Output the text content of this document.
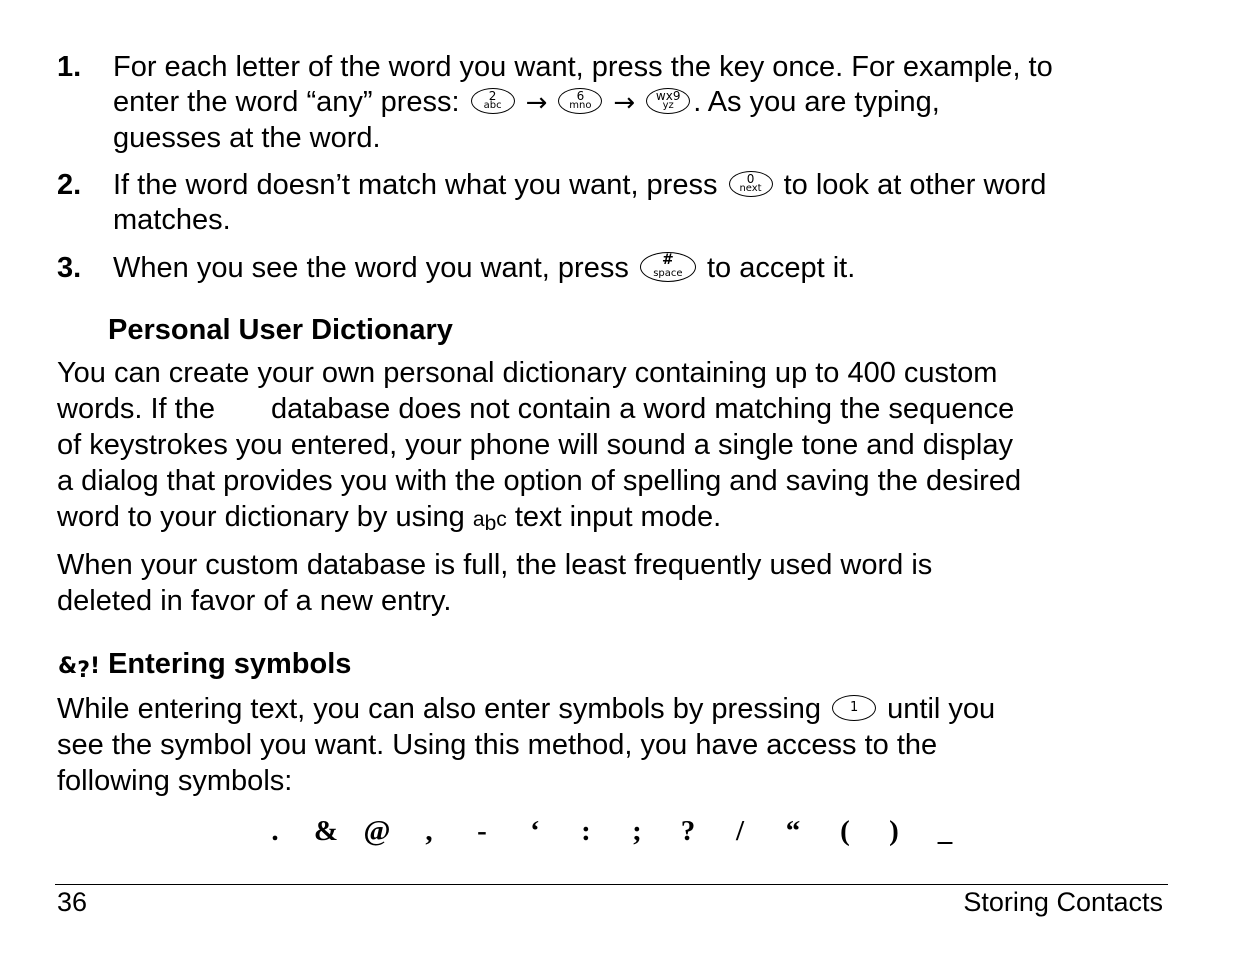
1. For each letter of the word you want, press the key once. For example, to
enter the word “any” press:	2
abc →	6
mno →	wx9
yz . As you are typing,
guesses at the word.
2. If the word doesn’t match what you want, press	0
next to look at other word
matches.
3. When you see the word you want, press	#
space to accept it.
Personal User Dictionary
You can create your own personal dictionary containing up to 400 custom
words. If the database does not contain a word matching the sequence
of keystrokes you entered, your phone will sound a single tone and display
a dialog that provides you with the option of spelling and saving the desired
word to your dictionary by using abc text input mode.
When your custom database is full, the least frequently used word is
deleted in favor of a new entry.
&?! Entering symbols
While entering text, you can also enter symbols by pressing	1 until you
see the symbol you want. Using this method, you have access to the
following symbols:
.	& @	,	-	‘	:	;	?	/	“	(	)	_
36	Storing Contacts
